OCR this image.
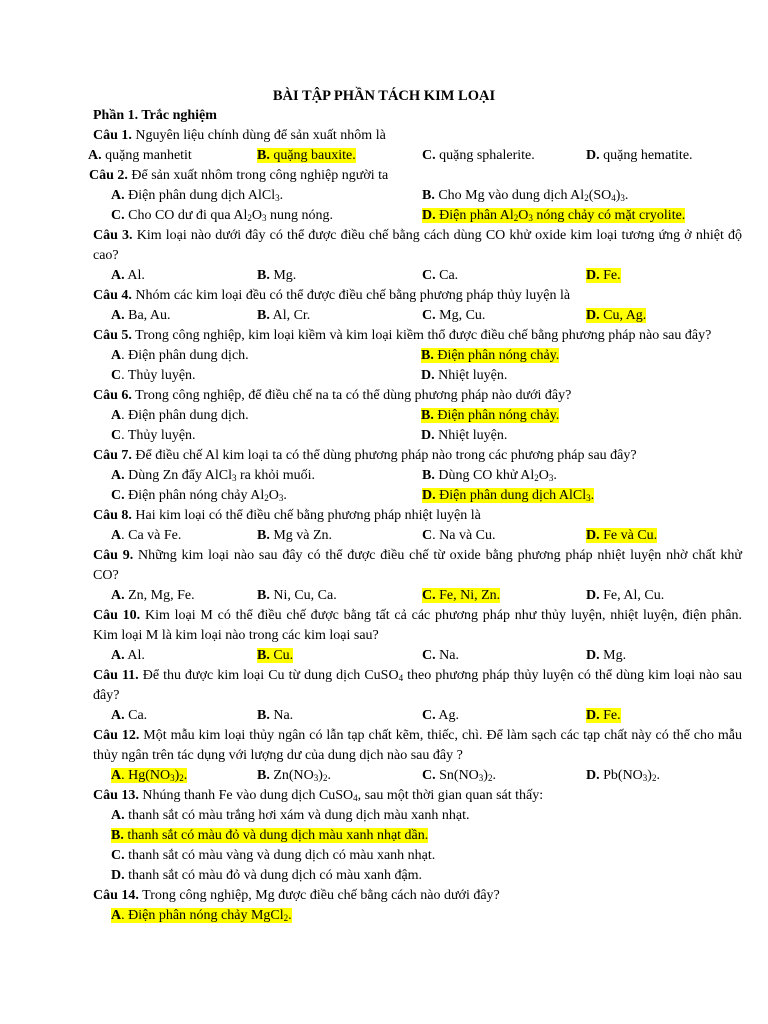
BÀI TẬP PHẦN TÁCH KIM LOẠI
Phần 1. Trắc nghiệm
Câu 1. Nguyên liệu chính dùng để sản xuất nhôm là
A. quặng manhetit	B. quặng bauxite.	C. quặng sphalerite.	D. quặng hematite.
Câu 2. Để sản xuất nhôm trong công nghiệp người ta
A. Điện phân dung dịch AlCl$_3$.	B. Cho Mg vào dung dịch $Al_2(SO_4)_3$.
C. Cho CO dư đi qua $Al_2O_3$ nung nóng.	D. Điện phân $Al_2O_3$ nóng chảy có mặt cryolite.
Câu 3. Kim loại nào dưới đây có thể được điều chế bằng cách dùng CO khử oxide kim loại tương ứng ở nhiệt độ cao?
A. Al.	B. Mg.	C. Ca.	D. Fe.
Câu 4. Nhóm các kim loại đều có thể được điều chế bằng phương pháp thủy luyện là
A. Ba, Au.	B. Al, Cr.	C. Mg, Cu.	D. Cu, Ag.
Câu 5. Trong công nghiệp, kim loại kiềm và kim loại kiềm thổ được điều chế bằng phương pháp nào sau đây?
A. Điện phân dung dịch.	B. Điện phân nóng chảy.
C. Thủy luyện.	D. Nhiệt luyện.
Câu 6. Trong công nghiệp, để điều chế na ta có thể dùng phương pháp nào dưới đây?
A. Điện phân dung dịch.	B. Điện phân nóng chảy.
C. Thủy luyện.	D. Nhiệt luyện.
Câu 7. Để điều chế Al kim loại ta có thể dùng phương pháp nào trong các phương pháp sau đây?
A. Dùng Zn đẩy AlCl$_3$ ra khỏi muối.	B. Dùng CO khử $Al_2O_3$.
C. Điện phân nóng chảy $Al_2O_3$.	D. Điện phân dung dịch AlCl$_3$.
Câu 8. Hai kim loại có thể điều chế bằng phương pháp nhiệt luyện là
A. Ca và Fe.	B. Mg và Zn.	C. Na và Cu.	D. Fe và Cu.
Câu 9. Những kim loại nào sau đây có thể được điều chế từ oxide bằng phương pháp nhiệt luyện nhờ chất khử CO?
A. Zn, Mg, Fe.	B. Ni, Cu, Ca.	C. Fe, Ni, Zn.	D. Fe, Al, Cu.
Câu 10. Kim loại M có thể điều chế được bằng tất cả các phương pháp như thủy luyện, nhiệt luyện, điện phân. Kim loại M là kim loại nào trong các kim loại sau?
A. Al.	B. Cu.	C. Na.	D. Mg.
Câu 11. Để thu được kim loại Cu từ dung dịch CuSO$_4$ theo phương pháp thủy luyện có thể dùng kim loại nào sau đây?
A. Ca.	B. Na.	C. Ag.	D. Fe.
Câu 12. Một mẫu kim loại thủy ngân có lẫn tạp chất kẽm, thiếc, chì. Để làm sạch các tạp chất này có thể cho mẫu thủy ngân trên tác dụng với lượng dư của dung dịch nào sau đây ?
A. $Hg(NO_3)_2$.	B. $Zn(NO_3)_2$.	C. $Sn(NO_3)_2$.	D. $Pb(NO_3)_2$.
Câu 13. Nhúng thanh Fe vào dung dịch CuSO$_4$, sau một thời gian quan sát thấy:
A. thanh sắt có màu trắng hơi xám và dung dịch màu xanh nhạt.
B. thanh sắt có màu đỏ và dung dịch màu xanh nhạt dần.
C. thanh sắt có màu vàng và dung dịch có màu xanh nhạt.
D. thanh sắt có màu đỏ và dung dịch có màu xanh đậm.
Câu 14. Trong công nghiệp, Mg được điều chế bằng cách nào dưới đây?
A. Điện phân nóng chảy MgCl$_2$.
